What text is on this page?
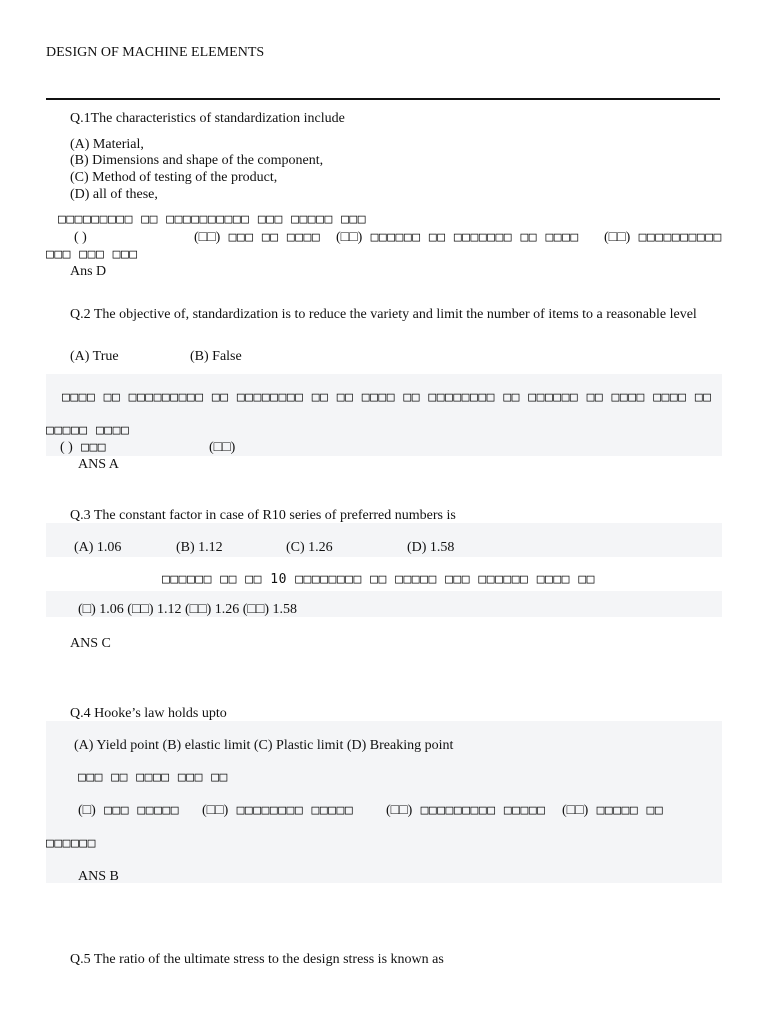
DESIGN OF MACHINE ELEMENTS
Q.1The characteristics of standardization include
(A) Material,
(B) Dimensions and shape of the component,
(C) Method of testing of the product,
(D) all of these,
□□□□□□□□□ □□ □□□□□□□□□□ □□□ □□□□□ □□□
( )	(□□) □□□ □□ □□□□ (□□) □□□□□□ □□ □□□□□□□ □□ □□□□ (□□) □□□□□□□□□□
□□□ □□□ □□□
Ans D
Q.2 The objective of, standardization is to reduce the variety and limit the number of items to a reasonable level
(A) True	(B) False
□□□□ □□ □□□□□□□□□ □□ □□□□□□□□ □□ □□ □□□□ □□ □□□□□□□□ □□ □□□□□□ □□ □□□□ □□□□ □□
□□□□□ □□□□
( ) □□□	(□□)
ANS A
Q.3 The constant factor in case of R10 series of preferred numbers is
(A) 1.06	(B) 1.12	(C) 1.26	(D) 1.58
□□□□□□ □□ □□ 10 □□□□□□□□ □□ □□□□□ □□□ □□□□□□ □□□□ □□
(□) 1.06 (□□) 1.12 (□□) 1.26 (□□) 1.58
ANS C
Q.4 Hooke’s law holds upto
(A) Yield point (B) elastic limit (C) Plastic limit (D) Breaking point
□□□ □□ □□□□ □□□ □□
(□) □□□ □□□□□ (□□) □□□□□□□□ □□□□□ (□□) □□□□□□□□□ □□□□□ (□□) □□□□□ □□
□□□□□□
ANS B
Q.5 The ratio of the ultimate stress to the design stress is known as
